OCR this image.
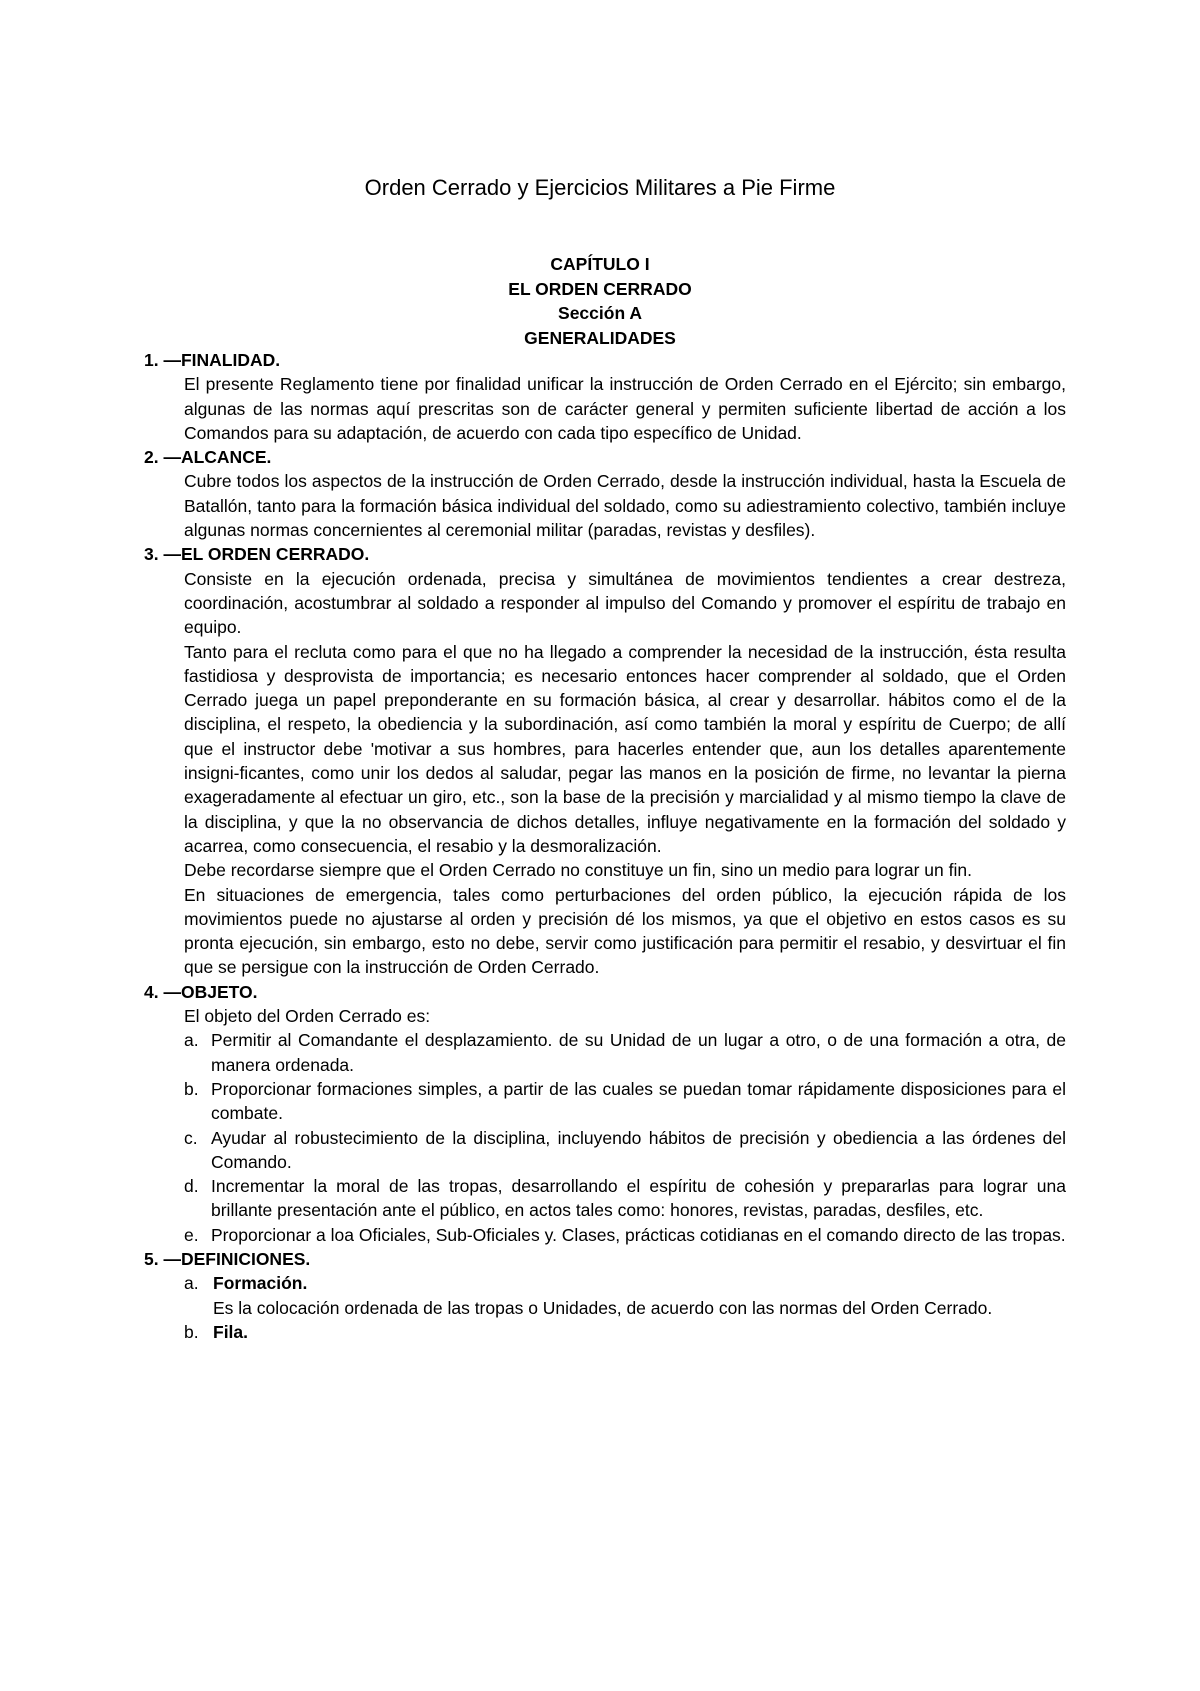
Orden Cerrado y Ejercicios Militares a Pie Firme
CAPÍTULO I
EL ORDEN CERRADO
Sección A
GENERALIDADES

1. —FINALIDAD.

El presente Reglamento tiene por finalidad unificar la instrucción de Orden Cerrado en el Ejército; sin embargo, algunas de las normas aquí prescritas son de carácter general y permiten suficiente libertad de acción a los Comandos para su adaptación, de acuerdo con cada tipo específico de Unidad.

2. —ALCANCE.

Cubre todos los aspectos de la instrucción de Orden Cerrado, desde la instrucción individual, hasta la Escuela de Batallón, tanto para la formación básica individual del soldado, como su adiestramiento colectivo, también incluye algunas normas concernientes al ceremonial militar (paradas, revistas y desfiles).

3. —EL ORDEN CERRADO.

Consiste en la ejecución ordenada, precisa y simultánea de movimientos tendientes a crear destreza, coordinación, acostumbrar al soldado a responder al impulso del Comando y promover el espíritu de trabajo en equipo.

Tanto para el recluta como para el que no ha llegado a comprender la necesidad de la instrucción, ésta resulta fastidiosa y desprovista de importancia; es necesario entonces hacer comprender al soldado, que el Orden Cerrado juega un papel preponderante en su formación básica, al crear y desarrollar. hábitos como el de la disciplina, el respeto, la obediencia y la subordinación, así como también la moral y espíritu de Cuerpo; de allí que el instructor debe 'motivar a sus hombres, para hacerles entender que, aun los detalles aparentemente insigni-ficantes, como unir los dedos al saludar, pegar las manos en la posición de firme, no levantar la pierna exageradamente al efectuar un giro, etc., son la base de la precisión y marcialidad y al mismo tiempo la clave de la disciplina, y que la no observancia de dichos detalles, influye negativamente en la formación del soldado y acarrea, como consecuencia, el resabio y la desmoralización.

Debe recordarse siempre que el Orden Cerrado no constituye un fin, sino un medio para lograr un fin.

En situaciones de emergencia, tales como perturbaciones del orden público, la ejecución rápida de los movimientos puede no ajustarse al orden y precisión dé los mismos, ya que el objetivo en estos casos es su pronta ejecución, sin embargo, esto no debe, servir como justificación para permitir el resabio, y desvirtuar el fin que se persigue con la instrucción de Orden Cerrado.

4. —OBJETO.

El objeto del Orden Cerrado es:

a. Permitir al Comandante el desplazamiento. de su Unidad de un lugar a otro, o de una formación a otra, de manera ordenada.
b. Proporcionar formaciones simples, a partir de las cuales se puedan tomar rápidamente disposiciones para el combate.
c. Ayudar al robustecimiento de la disciplina, incluyendo hábitos de precisión y obediencia a las órdenes del Comando.
d. Incrementar la moral de las tropas, desarrollando el espíritu de cohesión y prepararlas para lograr una brillante presentación ante el público, en actos tales como: honores, revistas, paradas, desfiles, etc.
e. Proporcionar a loa Oficiales, Sub-Oficiales y. Clases, prácticas cotidianas en el comando directo de las tropas.

5. —DEFINICIONES.

a. Formación.
Es la colocación ordenada de las tropas o Unidades, de acuerdo con las normas del Orden Cerrado.
b. Fila.
